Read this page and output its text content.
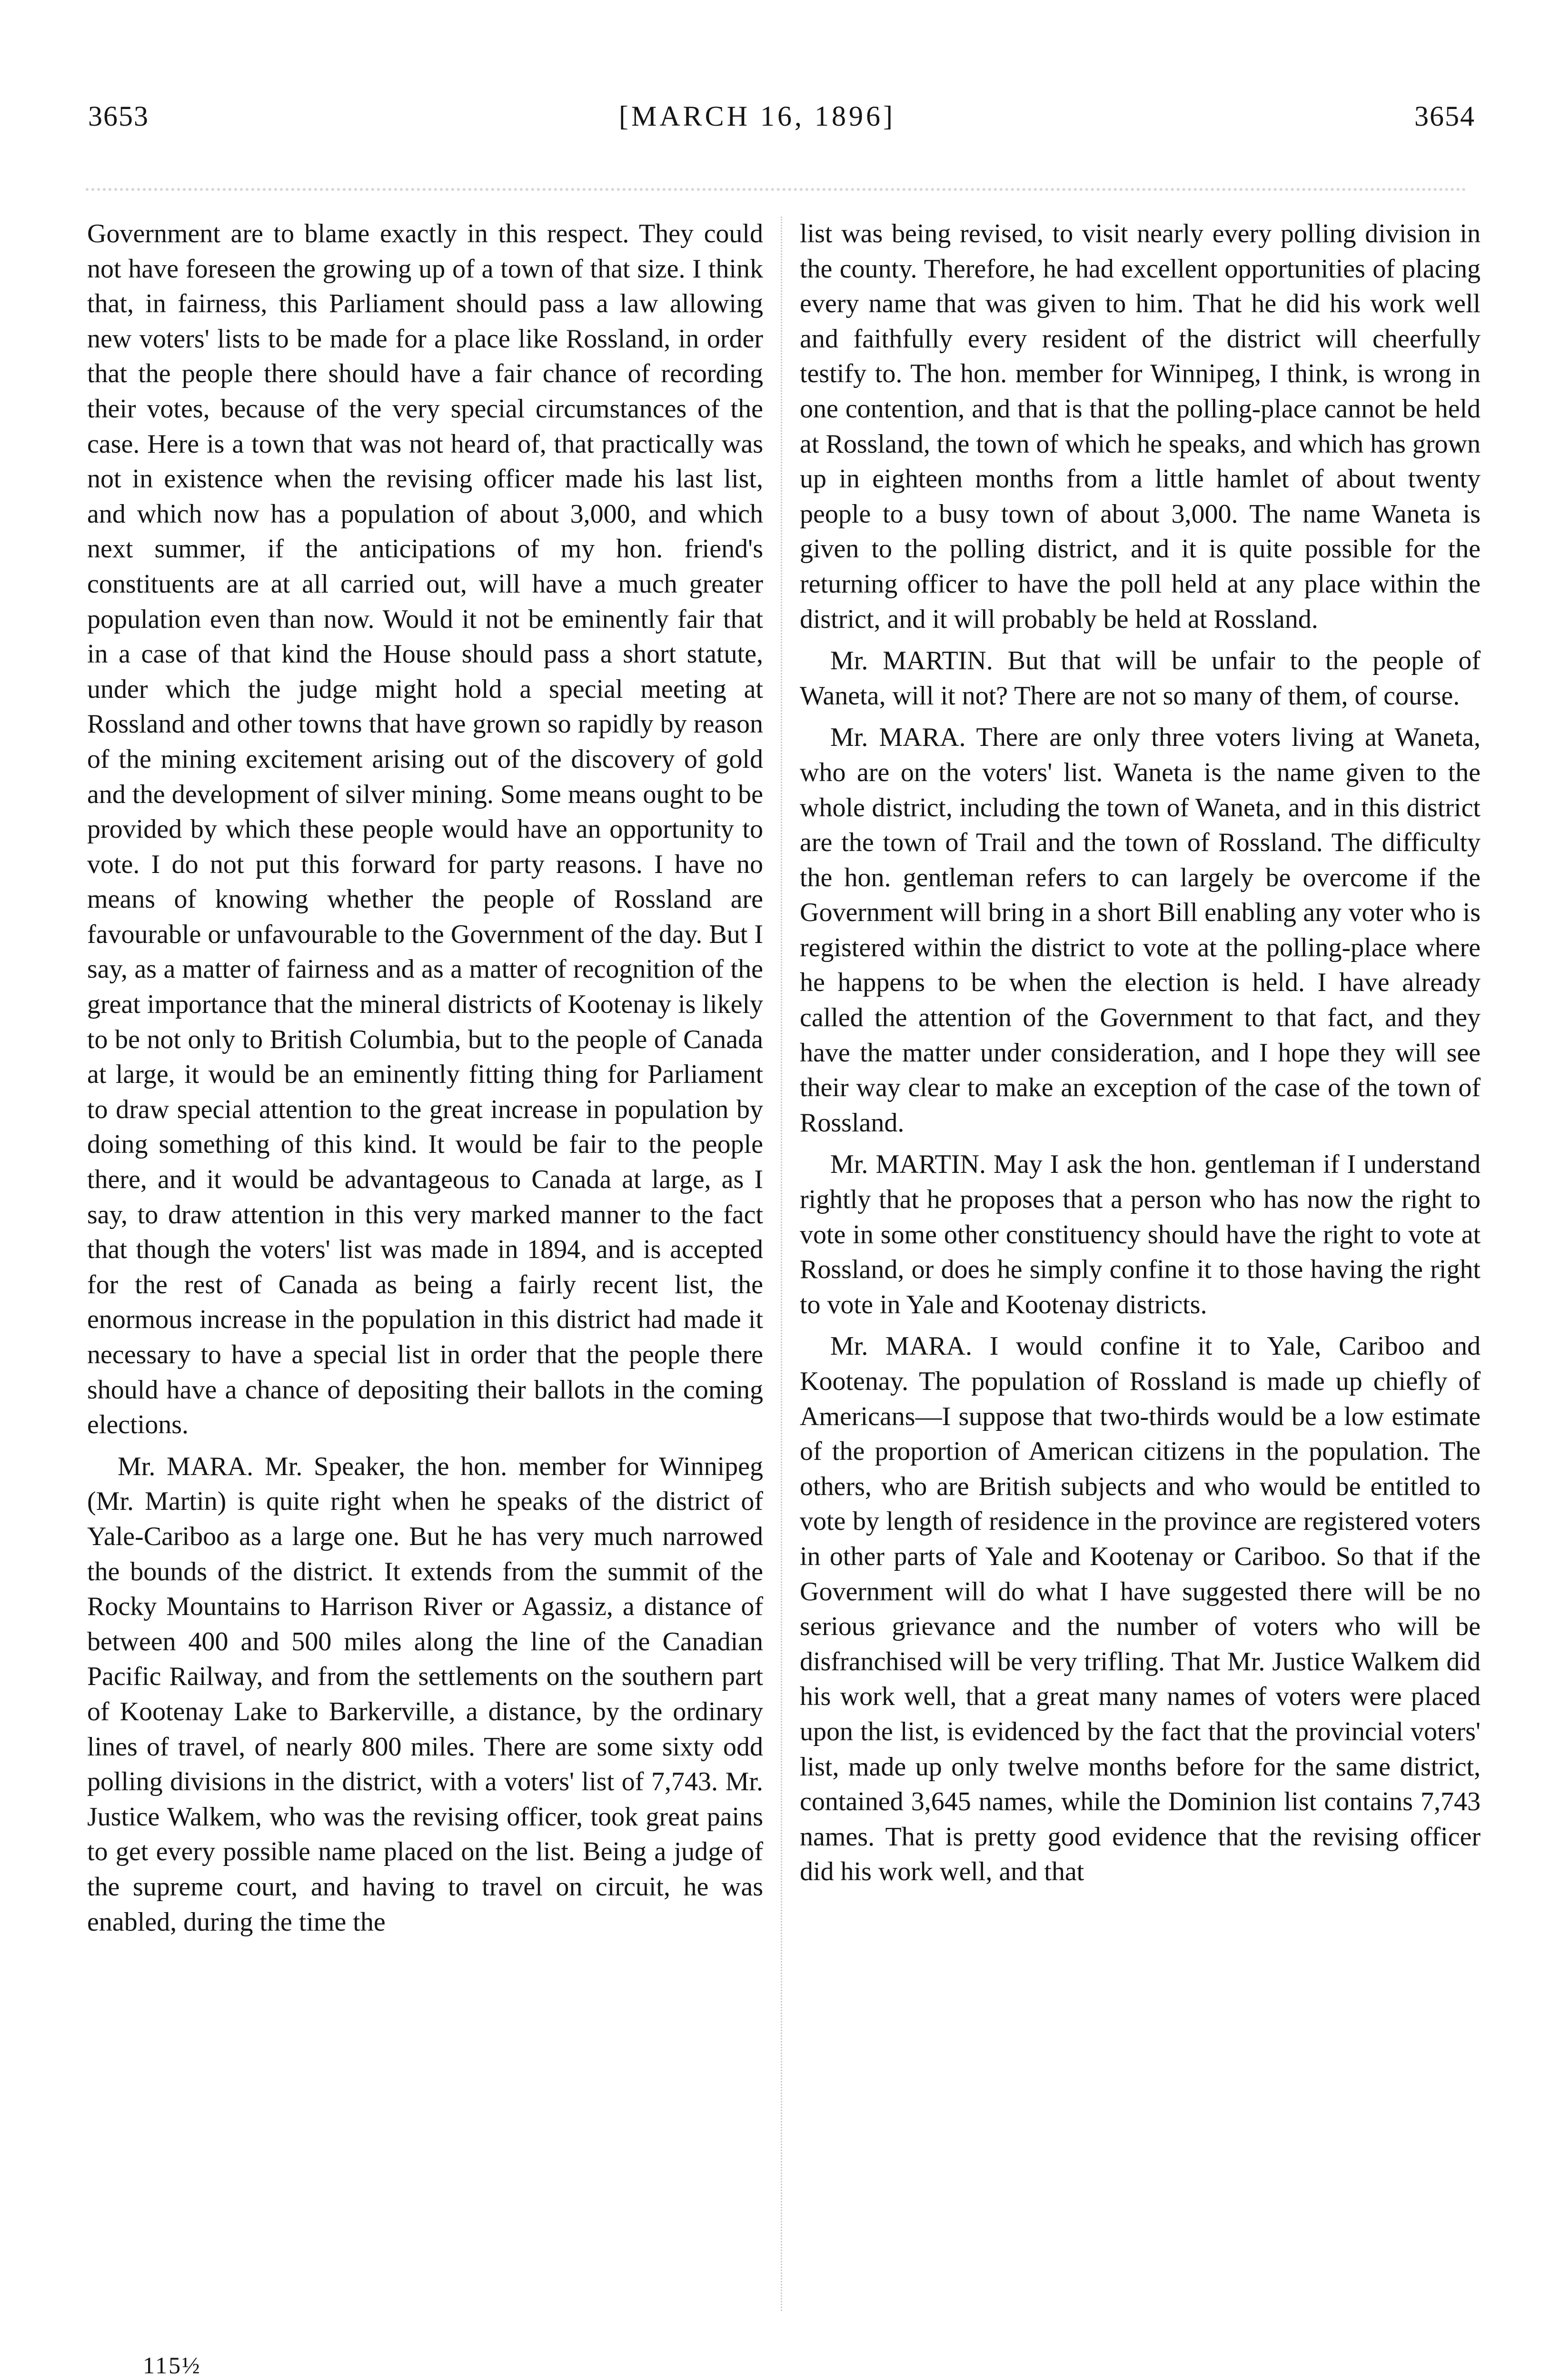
3653	[MARCH 16, 1896]	3654

Government are to blame exactly in this respect. They could not have foreseen the growing up of a town of that size. I think that, in fairness, this Parliament should pass a law allowing new voters' lists to be made for a place like Rossland, in order that the people there should have a fair chance of recording their votes, because of the very special circumstances of the case. Here is a town that was not heard of, that practically was not in existence when the revising officer made his last list, and which now has a population of about 3,000, and which next summer, if the anticipations of my hon. friend's constituents are at all carried out, will have a much greater population even than now. Would it not be eminently fair that in a case of that kind the House should pass a short statute, under which the judge might hold a special meeting at Rossland and other towns that have grown so rapidly by reason of the mining excitement arising out of the discovery of gold and the development of silver mining. Some means ought to be provided by which these people would have an opportunity to vote. I do not put this forward for party reasons. I have no means of knowing whether the people of Rossland are favourable or unfavourable to the Government of the day. But I say, as a matter of fairness and as a matter of recognition of the great importance that the mineral districts of Kootenay is likely to be not only to British Columbia, but to the people of Canada at large, it would be an eminently fitting thing for Parliament to draw special attention to the great increase in population by doing something of this kind. It would be fair to the people there, and it would be advantageous to Canada at large, as I say, to draw attention in this very marked manner to the fact that though the voters' list was made in 1894, and is accepted for the rest of Canada as being a fairly recent list, the enormous increase in the population in this district had made it necessary to have a special list in order that the people there should have a chance of depositing their ballots in the coming elections.

Mr. MARA. Mr. Speaker, the hon. member for Winnipeg (Mr. Martin) is quite right when he speaks of the district of Yale-Cariboo as a large one. But he has very much narrowed the bounds of the district. It extends from the summit of the Rocky Mountains to Harrison River or Agassiz, a distance of between 400 and 500 miles along the line of the Canadian Pacific Railway, and from the settlements on the southern part of Kootenay Lake to Barkerville, a distance, by the ordinary lines of travel, of nearly 800 miles. There are some sixty odd polling divisions in the district, with a voters' list of 7,743. Mr. Justice Walkem, who was the revising officer, took great pains to get every possible name placed on the list. Being a judge of the supreme court, and having to travel on circuit, he was enabled, during the time the

list was being revised, to visit nearly every polling division in the county. Therefore, he had excellent opportunities of placing every name that was given to him. That he did his work well and faithfully every resident of the district will cheerfully testify to. The hon. member for Winnipeg, I think, is wrong in one contention, and that is that the polling-place cannot be held at Rossland, the town of which he speaks, and which has grown up in eighteen months from a little hamlet of about twenty people to a busy town of about 3,000. The name Waneta is given to the polling district, and it is quite possible for the returning officer to have the poll held at any place within the district, and it will probably be held at Rossland.

Mr. MARTIN. But that will be unfair to the people of Waneta, will it not? There are not so many of them, of course.

Mr. MARA. There are only three voters living at Waneta, who are on the voters' list. Waneta is the name given to the whole district, including the town of Waneta, and in this district are the town of Trail and the town of Rossland. The difficulty the hon. gentleman refers to can largely be overcome if the Government will bring in a short Bill enabling any voter who is registered within the district to vote at the polling-place where he happens to be when the election is held. I have already called the attention of the Government to that fact, and they have the matter under consideration, and I hope they will see their way clear to make an exception of the case of the town of Rossland.

Mr. MARTIN. May I ask the hon. gentleman if I understand rightly that he proposes that a person who has now the right to vote in some other constituency should have the right to vote at Rossland, or does he simply confine it to those having the right to vote in Yale and Kootenay districts.

Mr. MARA. I would confine it to Yale, Cariboo and Kootenay. The population of Rossland is made up chiefly of Americans—I suppose that two-thirds would be a low estimate of the proportion of American citizens in the population. The others, who are British subjects and who would be entitled to vote by length of residence in the province are registered voters in other parts of Yale and Kootenay or Cariboo. So that if the Government will do what I have suggested there will be no serious grievance and the number of voters who will be disfranchised will be very trifling. That Mr. Justice Walkem did his work well, that a great many names of voters were placed upon the list, is evidenced by the fact that the provincial voters' list, made up only twelve months before for the same district, contained 3,645 names, while the Dominion list contains 7,743 names. That is pretty good evidence that the revising officer did his work well, and that

115½
